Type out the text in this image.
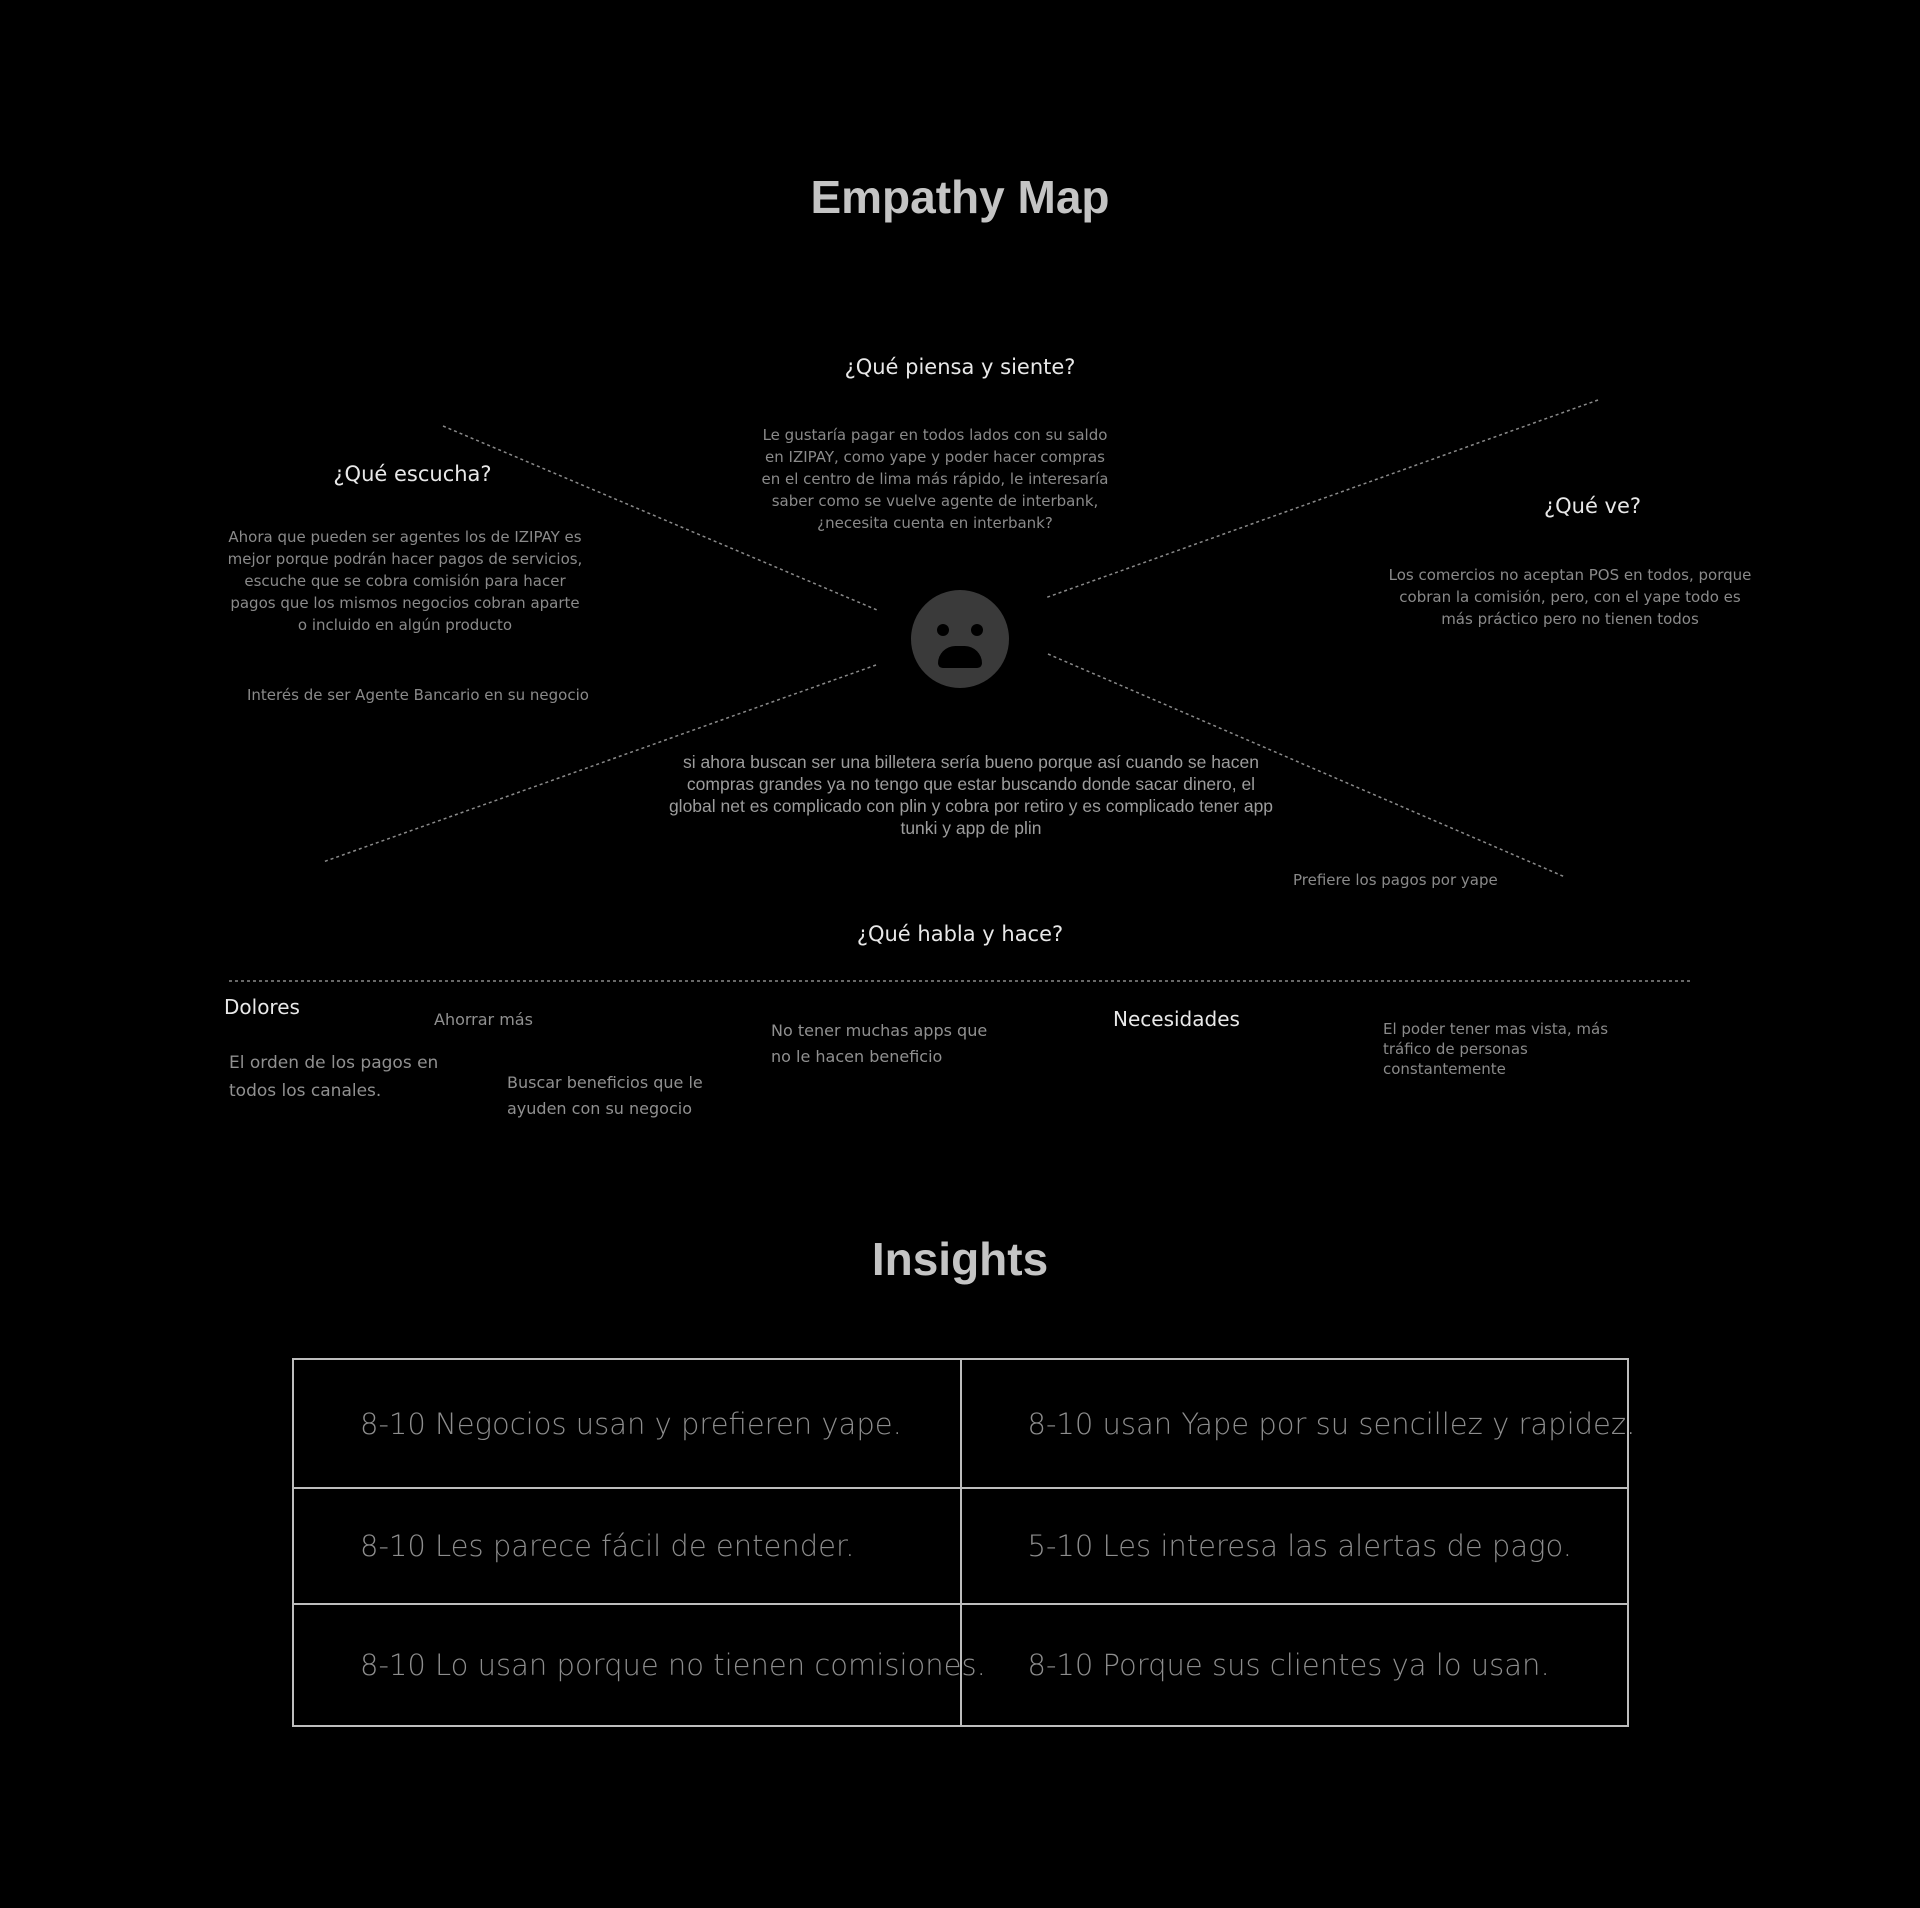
Empathy Map
¿Qué piensa y siente?
Le gustaría pagar en todos lados con su saldo en IZIPAY, como yape y poder hacer compras en el centro de lima más rápido, le interesaría saber como se vuelve agente de interbank, ¿necesita cuenta en interbank?
¿Qué escucha?
Ahora que pueden ser agentes los de IZIPAY es mejor porque podrán hacer pagos de servicios, escuche que se cobra comisión para hacer pagos que los mismos negocios cobran aparte o incluido en algún producto
Interés de ser Agente Bancario en su negocio
¿Qué ve?
Los comercios no aceptan POS en todos, porque cobran la comisión, pero, con el yape todo es más práctico pero no tienen todos
si ahora buscan ser una billetera sería bueno porque así cuando se hacen compras grandes ya no tengo que estar buscando donde sacar dinero, el global net es complicado con plin y cobra por retiro y es complicado tener app tunki y app de plin
Prefiere los pagos por yape
¿Qué habla y hace?
Dolores
Ahorrar más
El orden de los pagos en todos los canales.	Buscar beneficios que le ayuden con su negocio
No tener muchas apps que no le hacen beneficio
Necesidades	El poder tener mas vista, más tráfico de personas constantemente
Insights
8-10 Negocios usan y prefieren yape.	8-10 usan Yape por su sencillez y rapidez.
8-10 Les parece fácil de entender.	5-10 Les interesa las alertas de pago.
8-10 Lo usan porque no tienen comisiones.	8-10 Porque sus clientes ya lo usan.
